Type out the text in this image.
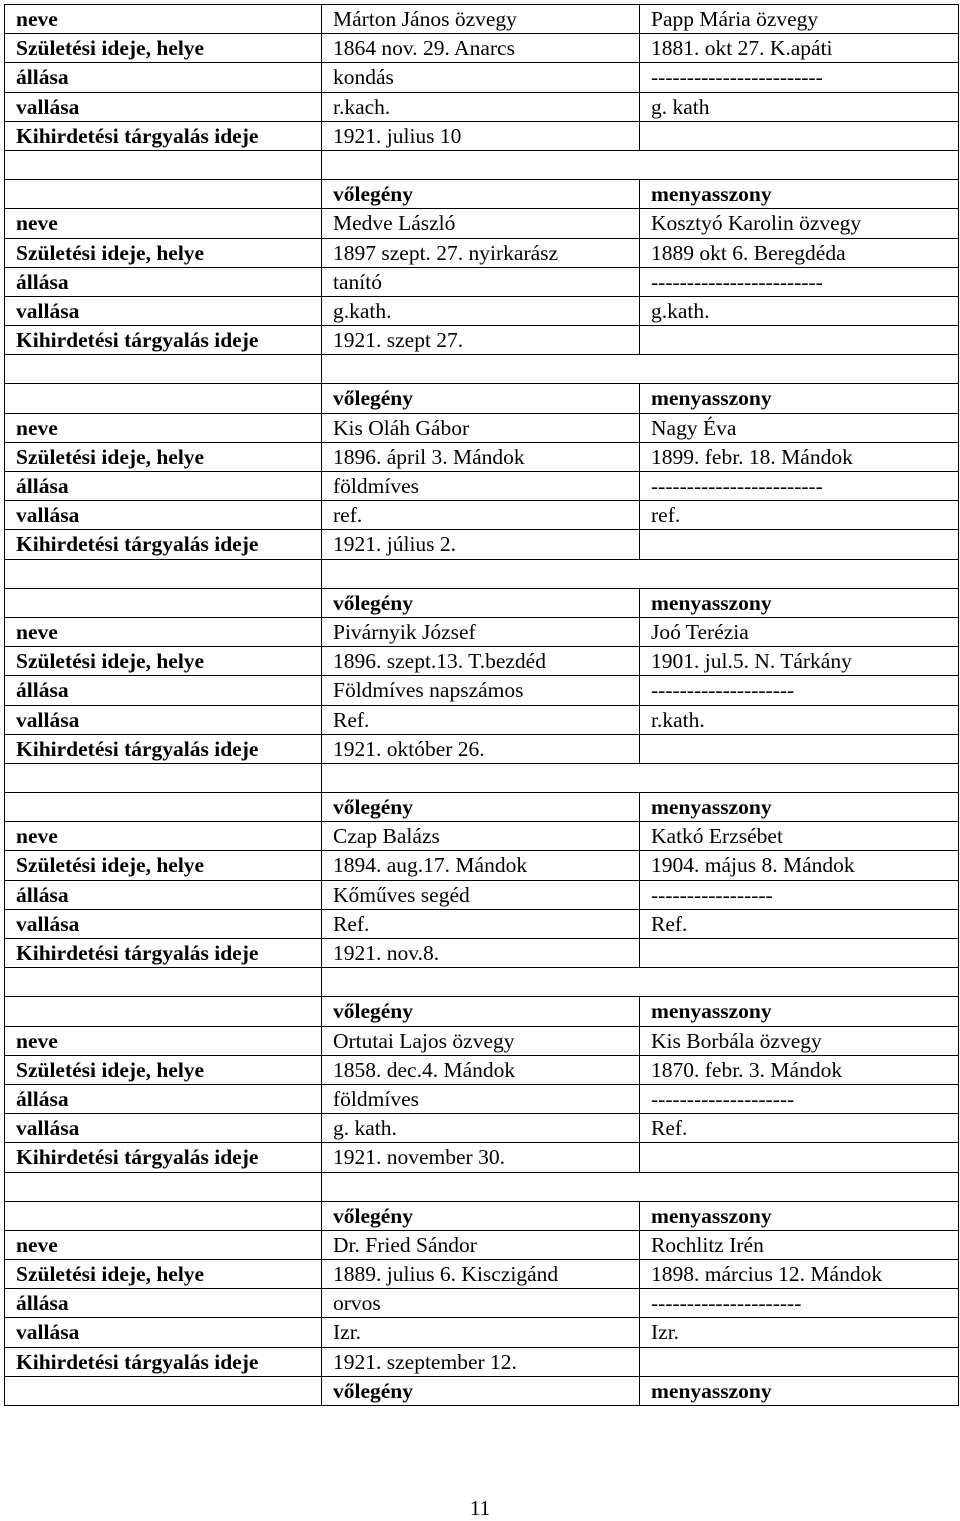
neve	Márton János özvegy	Papp Mária özvegy
Születési ideje, helye	1864 nov. 29. Anarcs	1881. okt 27. K.apáti
állása	kondás	------------------------
vallása	r.kach.	g. kath
Kihirdetési tárgyalás ideje	1921. julius 10	

	vőlegény	menyasszony
neve	Medve László	Kosztyó Karolin özvegy
Születési ideje, helye	1897 szept. 27. nyirkarász	1889 okt 6. Beregdéda
állása	tanító	------------------------
vallása	g.kath.	g.kath.
Kihirdetési tárgyalás ideje	1921. szept 27.	

	vőlegény	menyasszony
neve	Kis Oláh Gábor	Nagy Éva
Születési ideje, helye	1896. ápril 3. Mándok	1899. febr. 18. Mándok
állása	földmíves	------------------------
vallása	ref.	ref.
Kihirdetési tárgyalás ideje	1921. július 2.	

	vőlegény	menyasszony
neve	Pivárnyik József	Joó Terézia
Születési ideje, helye	1896. szept.13. T.bezdéd	1901. jul.5. N. Tárkány
állása	Földmíves napszámos	--------------------
vallása	Ref.	r.kath.
Kihirdetési tárgyalás ideje	1921. október 26.	

	vőlegény	menyasszony
neve	Czap Balázs	Katkó Erzsébet
Születési ideje, helye	1894. aug.17. Mándok	1904. május 8. Mándok
állása	Kőműves segéd	-----------------
vallása	Ref.	Ref.
Kihirdetési tárgyalás ideje	1921. nov.8.	

	vőlegény	menyasszony
neve	Ortutai Lajos özvegy	Kis Borbála özvegy
Születési ideje, helye	1858. dec.4. Mándok	1870. febr. 3. Mándok
állása	földmíves	--------------------
vallása	g. kath.	Ref.
Kihirdetési tárgyalás ideje	1921. november 30.	

	vőlegény	menyasszony
neve	Dr. Fried Sándor	Rochlitz Irén
Születési ideje, helye	1889. julius 6. Kisczigánd	1898. március 12. Mándok
állása	orvos	---------------------
vallása	Izr.	Izr.
Kihirdetési tárgyalás ideje	1921. szeptember 12.	
	vőlegény	menyasszony
11
